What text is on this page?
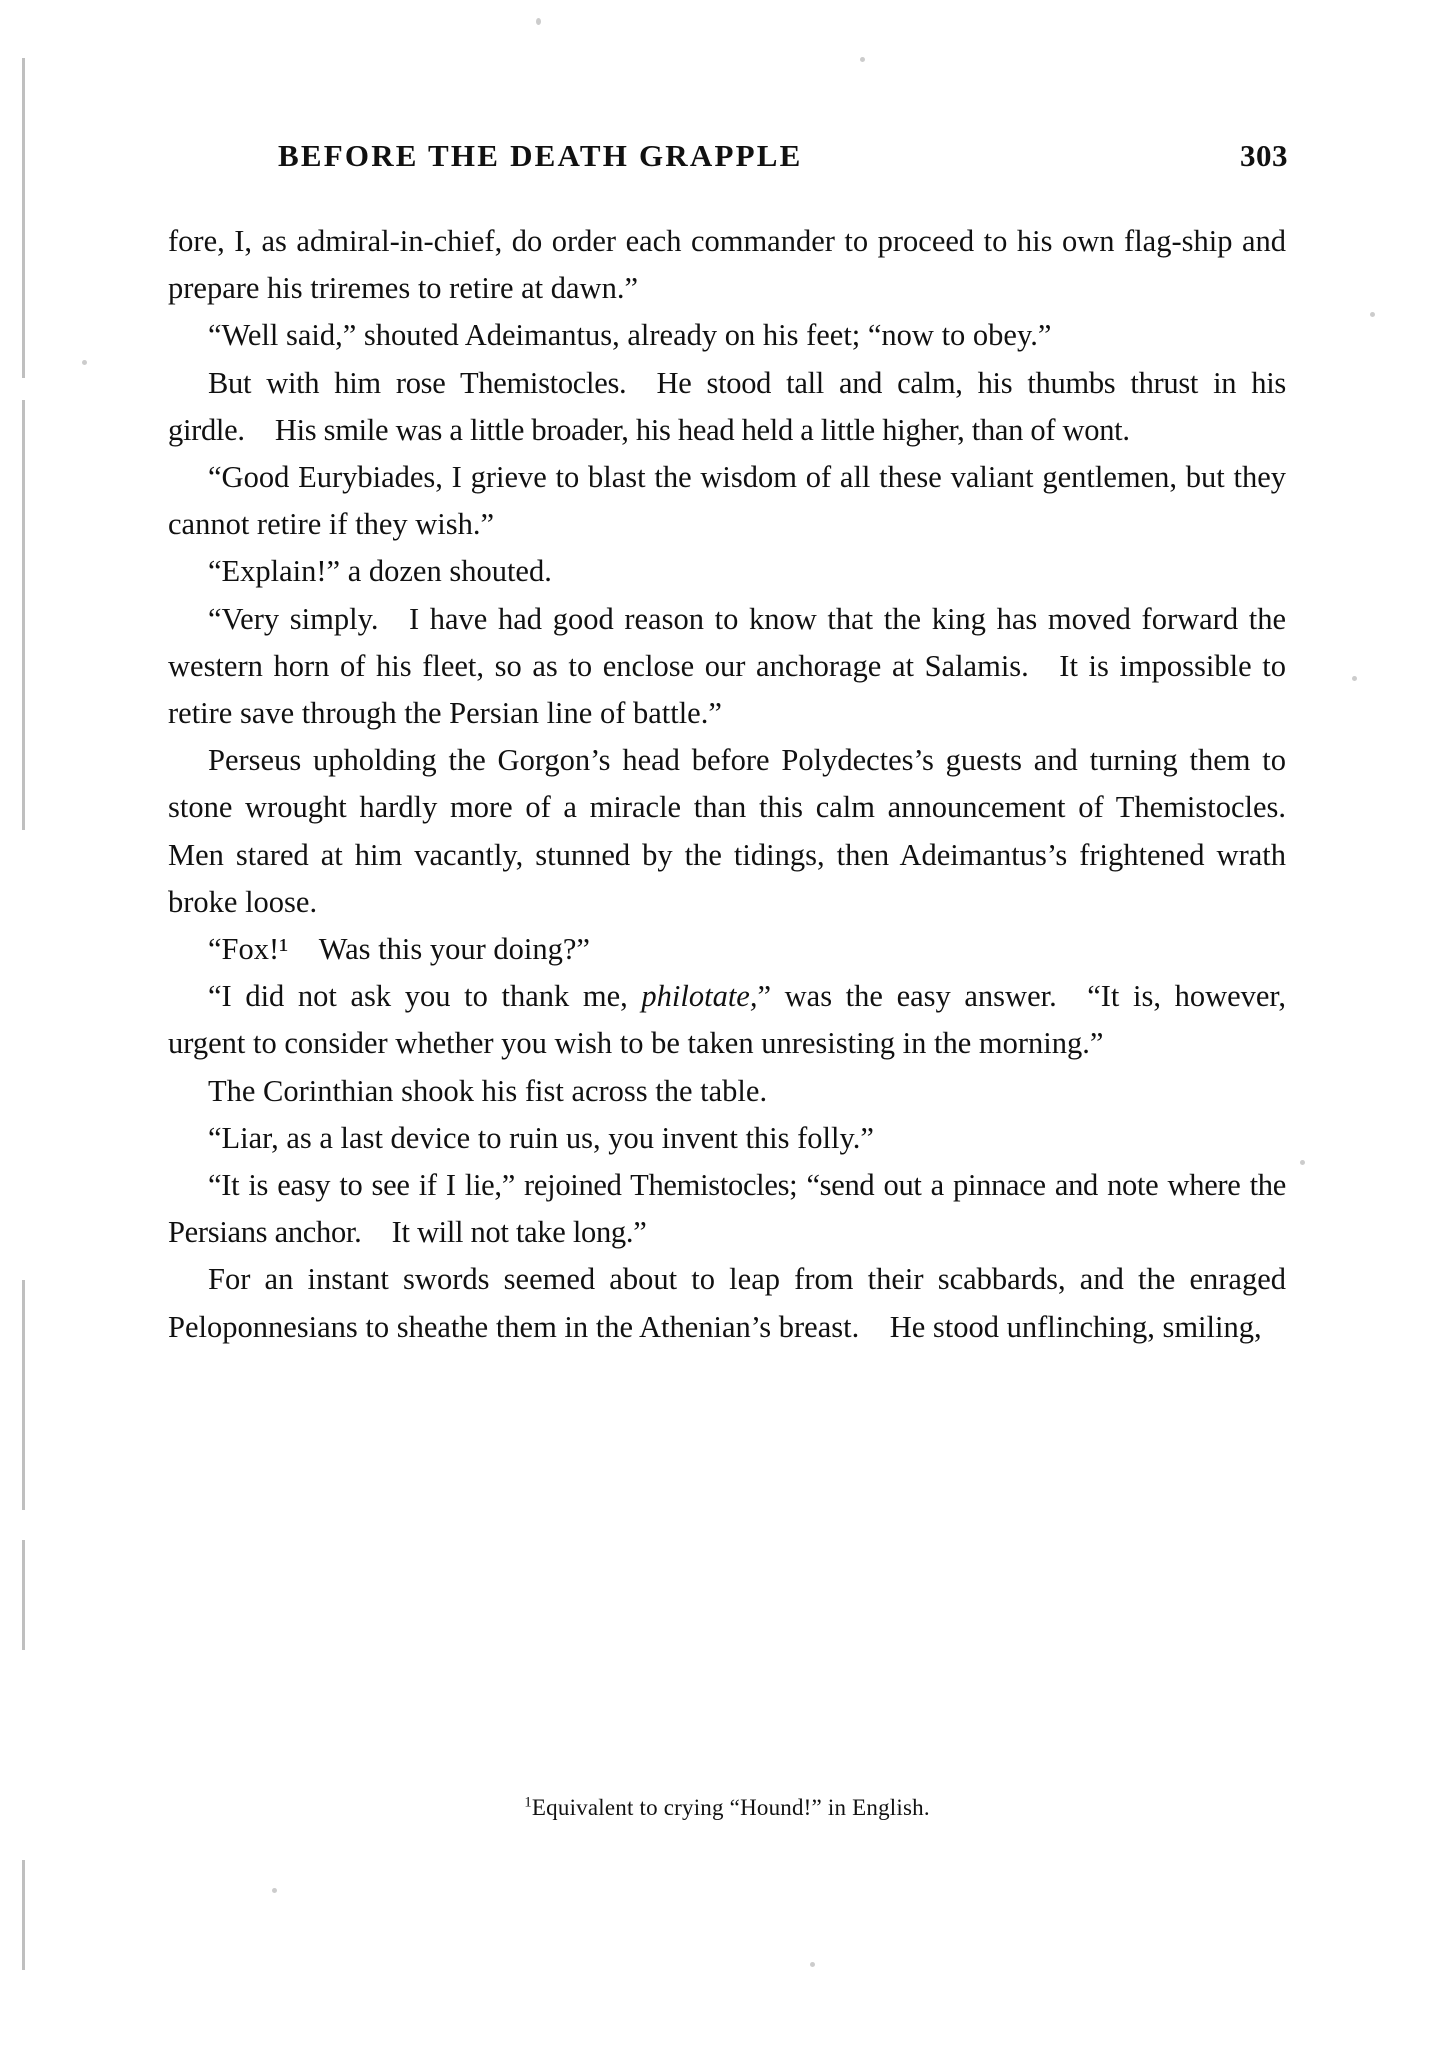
BEFORE THE DEATH GRAPPLE	303

fore, I, as admiral-in-chief, do order each commander to proceed to his own flag-ship and prepare his triremes to retire at dawn.”

“Well said,” shouted Adeimantus, already on his feet; “now to obey.”

But with him rose Themistocles. He stood tall and calm, his thumbs thrust in his girdle. His smile was a little broader, his head held a little higher, than of wont.

“Good Eurybiades, I grieve to blast the wisdom of all these valiant gentlemen, but they cannot retire if they wish.”

“Explain!” a dozen shouted.

“Very simply. I have had good reason to know that the king has moved forward the western horn of his fleet, so as to enclose our anchorage at Salamis. It is impossible to retire save through the Persian line of battle.”

Perseus upholding the Gorgon’s head before Polydectes’s guests and turning them to stone wrought hardly more of a miracle than this calm announcement of Themistocles. Men stared at him vacantly, stunned by the tidings, then Adeimantus’s frightened wrath broke loose.

“Fox!¹ Was this your doing?”

“I did not ask you to thank me, philotate,” was the easy answer. “It is, however, urgent to consider whether you wish to be taken unresisting in the morning.”

The Corinthian shook his fist across the table.

“Liar, as a last device to ruin us, you invent this folly.”

“It is easy to see if I lie,” rejoined Themistocles; “send out a pinnace and note where the Persians anchor. It will not take long.”

For an instant swords seemed about to leap from their scabbards, and the enraged Peloponnesians to sheathe them in the Athenian’s breast. He stood unflinching, smiling,

$^1$Equivalent to crying “Hound!” in English.
